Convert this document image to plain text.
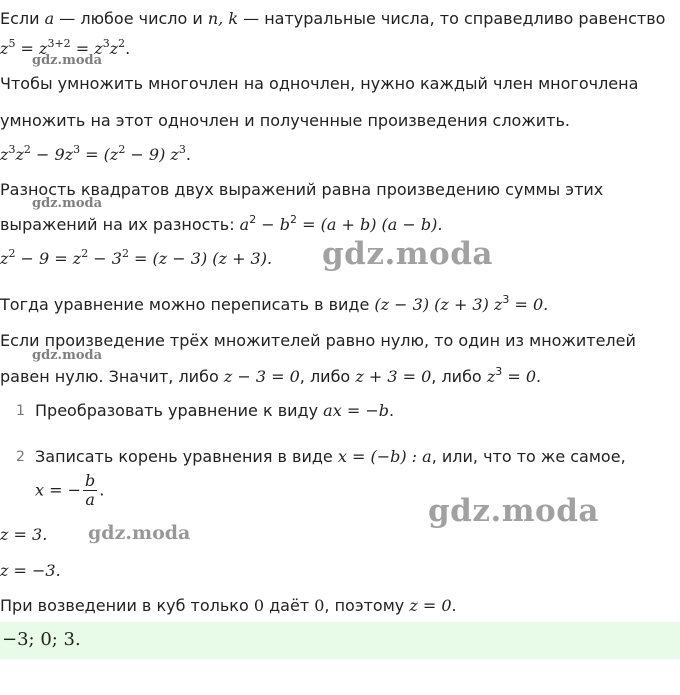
Если a — любое число и n, k — натуральные числа, то справедливо равенство
$z^5 = z^{3+2} = z^3z^2$.
Чтобы умножить многочлен на одночлен, нужно каждый член многочлена
умножить на этот одночлен и полученные произведения сложить.
$z^3z^2 - 9z^3 = (z^2 - 9)$ $z^3$.
Разность квадратов двух выражений равна произведению суммы этих
выражений на их разность: $a^2 - b^2 = (a + b) (a - b)$.
$z^2 - 9 = z^2 - 3^2 = (z - 3) (z + 3)$.
Тогда уравнение можно переписать в виде (z − 3) (z + 3) $z^3 = 0$.
Если произведение трёх множителей равно нулю, то один из множителей
равен нулю. Значит, либо z − 3 = 0, либо z + 3 = 0, либо $z^3 = 0$.
1 Преобразовать уравнение к виду ax = −b.
2 Записать корень уравнения в виде x = (−b) : a, или, что то же самое,
x = − $\frac{b}{a}$ .
z = 3.
z = −3.
При возведении в куб только 0 даёт 0, поэтому z = 0.
−3; 0; 3.
gdz.moda
gdz.moda
gdz.moda
gdz.moda
gdz.moda
gdz.moda
